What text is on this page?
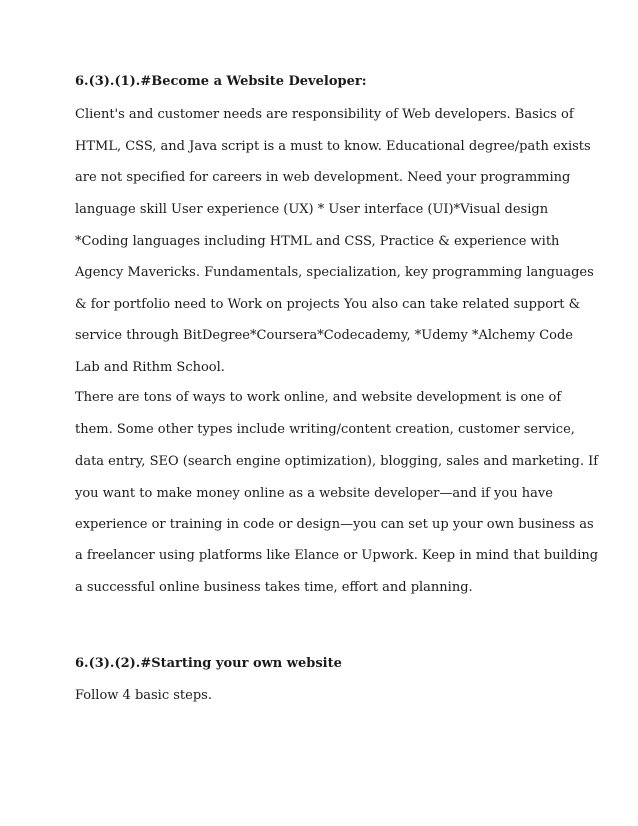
6.(3).(1).#Become a Website Developer:
Client's and customer needs are responsibility of Web developers. Basics of
HTML, CSS, and Java script is a must to know. Educational degree/path exists
are not specified for careers in web development. Need your programming
language skill User experience (UX) * User interface (UI)*Visual design
*Coding languages including HTML and CSS, Practice & experience with
Agency Mavericks. Fundamentals, specialization, key programming languages
& for portfolio need to Work on projects You also can take related support &
service through BitDegree*Coursera*Codecademy, *Udemy *Alchemy Code
Lab and Rithm School.
There are tons of ways to work online, and website development is one of
them. Some other types include writing/content creation, customer service,
data entry, SEO (search engine optimization), blogging, sales and marketing. If
you want to make money online as a website developer—and if you have
experience or training in code or design—you can set up your own business as
a freelancer using platforms like Elance or Upwork. Keep in mind that building
a successful online business takes time, effort and planning.
6.(3).(2).#Starting your own website
Follow 4 basic steps.
